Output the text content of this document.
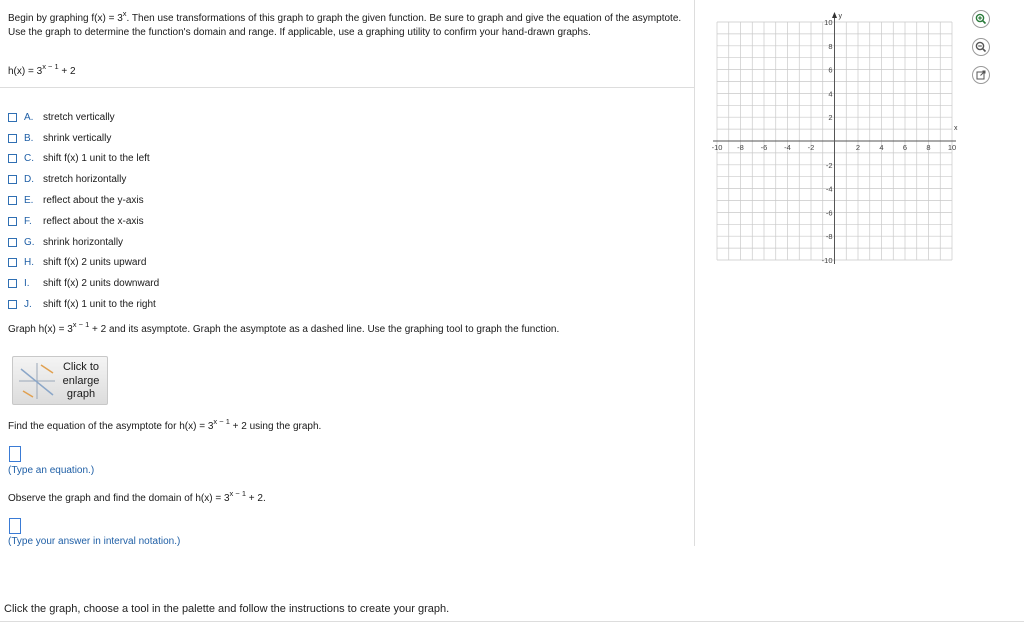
Begin by graphing $f(x) = 3^x$. Then use transformations of this graph to graph the given function. Be sure to graph and give the equation of the asymptote. Use the graph to determine the function's domain and range. If applicable, use a graphing utility to confirm your hand-drawn graphs.
$h(x) = 3^{x - 1} + 2$
A. stretch vertically
B. shrink vertically
C. shift f(x) 1 unit to the left
D. stretch horizontally
E. reflect about the y-axis
F.	reflect about the x-axis
G. shrink horizontally
H. shift f(x) 2 units upward
I.	shift f(x) 2 units downward
J.	shift f(x) 1 unit to the right
Graph $h(x) = 3^{x - 1} + 2$ and its asymptote. Graph the asymptote as a dashed line. Use the graphing tool to graph the function.
Click to
enlarge
graph
Find the equation of the asymptote for $h(x) = 3^{x - 1} + 2$ using the graph.
(Type an equation.)
Observe the graph and find the domain of $h(x) = 3^{x - 1} + 2$.
(Type your answer in interval notation.)
x
y
-10 -8 -6 -4 -2	2	4	6	8 10
10
8
6
4
2
-2
-4
-6
-8
-10
Click the graph, choose a tool in the palette and follow the instructions to create your graph.
